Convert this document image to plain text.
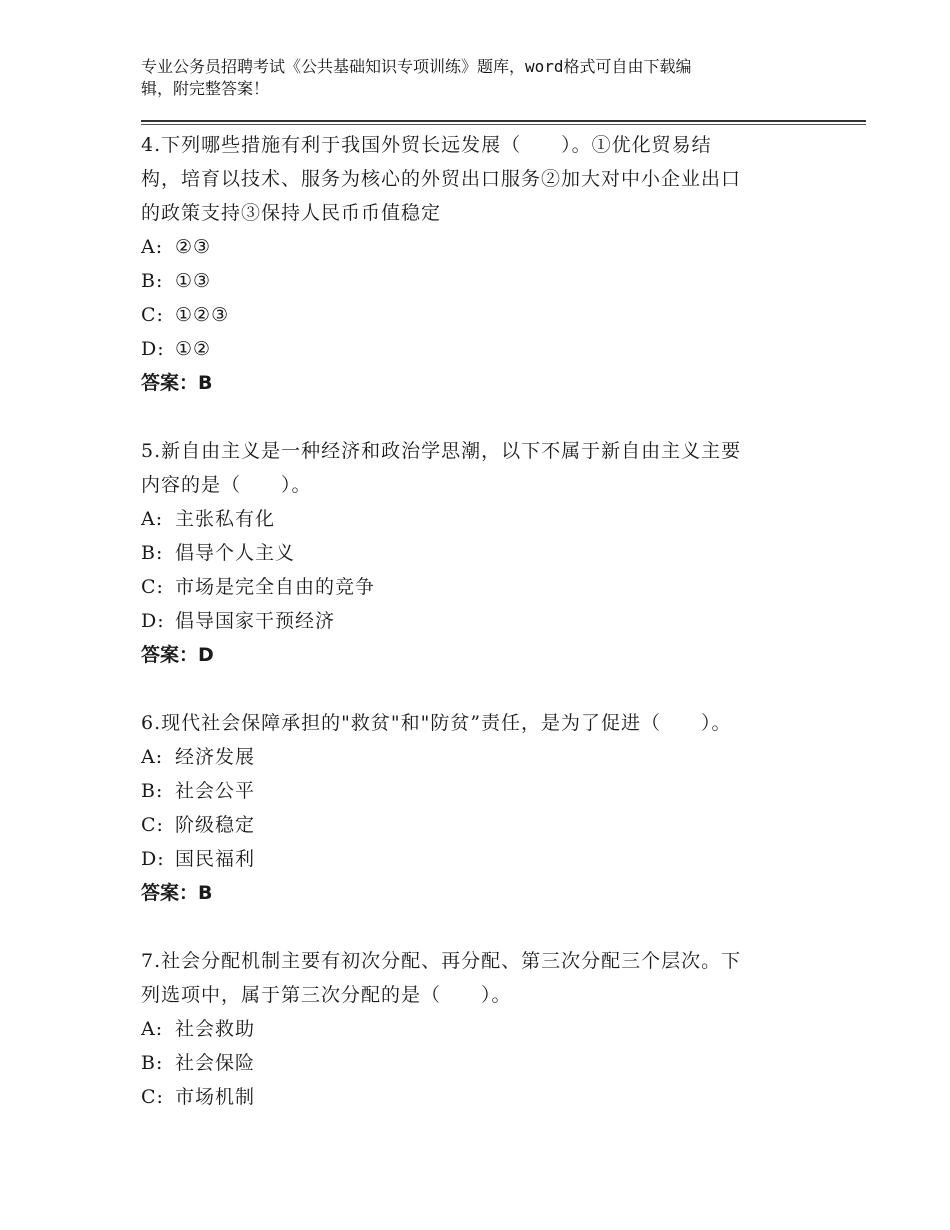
专业公务员招聘考试《公共基础知识专项训练》题库，word格式可自由下载编
辑，附完整答案！

4.下列哪些措施有利于我国外贸长远发展（　　）。①优化贸易结

构，培育以技术、服务为核心的外贸出口服务②加大对中小企业出口

的政策支持③保持人民币币值稳定

A: ②③

B: ①③

C: ①②③

D: ①②

答案：B

5.新自由主义是一种经济和政治学思潮，以下不属于新自由主义主要

内容的是（　　）。

A: 主张私有化

B: 倡导个人主义

C: 市场是完全自由的竞争

D: 倡导国家干预经济

答案：D

6.现代社会保障承担的"救贫"和"防贫”责任，是为了促进（　　）。

A: 经济发展

B: 社会公平

C: 阶级稳定

D: 国民福利

答案：B

7.社会分配机制主要有初次分配、再分配、第三次分配三个层次。下

列选项中，属于第三次分配的是（　　）。

A: 社会救助

B: 社会保险

C: 市场机制
